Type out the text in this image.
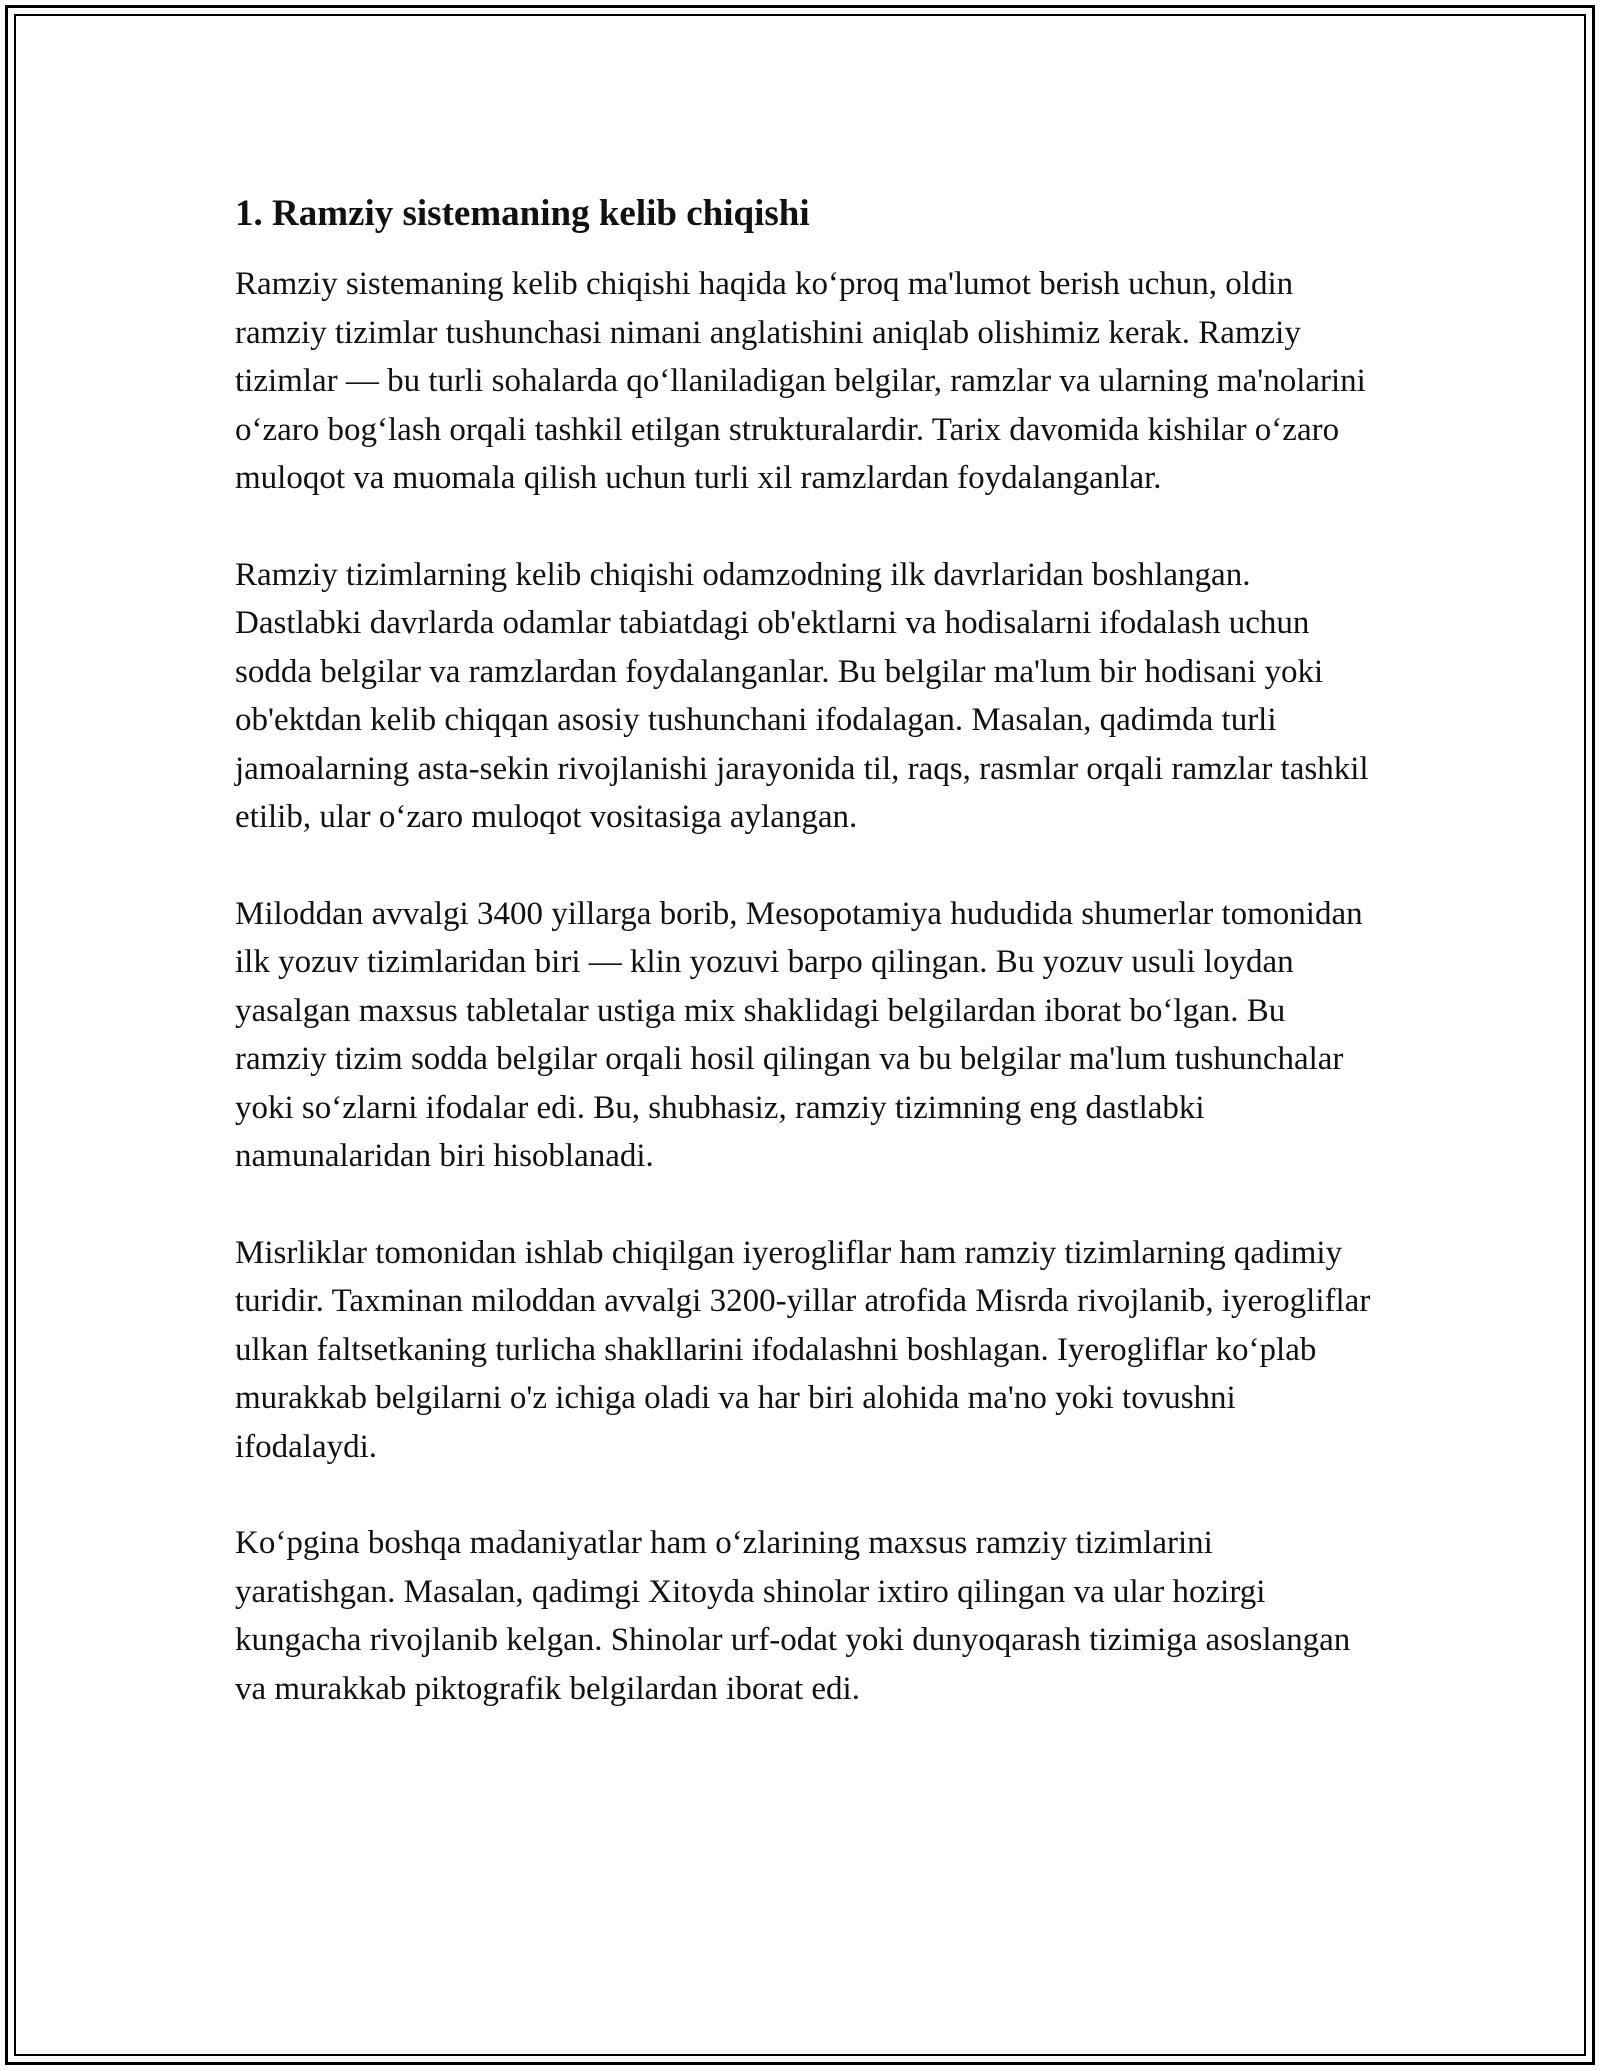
1. Ramziy sistemaning kelib chiqishi

Ramziy sistemaning kelib chiqishi haqida ko‘proq ma'lumot berish uchun, oldin ramziy tizimlar tushunchasi nimani anglatishini aniqlab olishimiz kerak. Ramziy tizimlar — bu turli sohalarda qo‘llaniladigan belgilar, ramzlar va ularning ma'nolarini o‘zaro bog‘lash orqali tashkil etilgan strukturalardir. Tarix davomida kishilar o‘zaro muloqot va muomala qilish uchun turli xil ramzlardan foydalanganlar.

Ramziy tizimlarning kelib chiqishi odamzodning ilk davrlaridan boshlangan. Dastlabki davrlarda odamlar tabiatdagi ob'ektlarni va hodisalarni ifodalash uchun sodda belgilar va ramzlardan foydalanganlar. Bu belgilar ma'lum bir hodisani yoki ob'ektdan kelib chiqqan asosiy tushunchani ifodalagan. Masalan, qadimda turli jamoalarning asta-sekin rivojlanishi jarayonida til, raqs, rasmlar orqali ramzlar tashkil etilib, ular o‘zaro muloqot vositasiga aylangan.

Miloddan avvalgi 3400 yillarga borib, Mesopotamiya hududida shumerlar tomonidan ilk yozuv tizimlaridan biri — klin yozuvi barpo qilingan. Bu yozuv usuli loydan yasalgan maxsus tabletalar ustiga mix shaklidagi belgilardan iborat bo‘lgan. Bu ramziy tizim sodda belgilar orqali hosil qilingan va bu belgilar ma'lum tushunchalar yoki so‘zlarni ifodalar edi. Bu, shubhasiz, ramziy tizimning eng dastlabki namunalaridan biri hisoblanadi.

Misrliklar tomonidan ishlab chiqilgan iyerogliflar ham ramziy tizimlarning qadimiy turidir. Taxminan miloddan avvalgi 3200-yillar atrofida Misrda rivojlanib, iyerogliflar ulkan faltsetkaning turlicha shakllarini ifodalashni boshlagan. Iyerogliflar ko‘plab murakkab belgilarni o'z ichiga oladi va har biri alohida ma'no yoki tovushni ifodalaydi.

Ko‘pgina boshqa madaniyatlar ham o‘zlarining maxsus ramziy tizimlarini yaratishgan. Masalan, qadimgi Xitoyda shinolar ixtiro qilingan va ular hozirgi kungacha rivojlanib kelgan. Shinolar urf-odat yoki dunyoqarash tizimiga asoslangan va murakkab piktografik belgilardan iborat edi.
